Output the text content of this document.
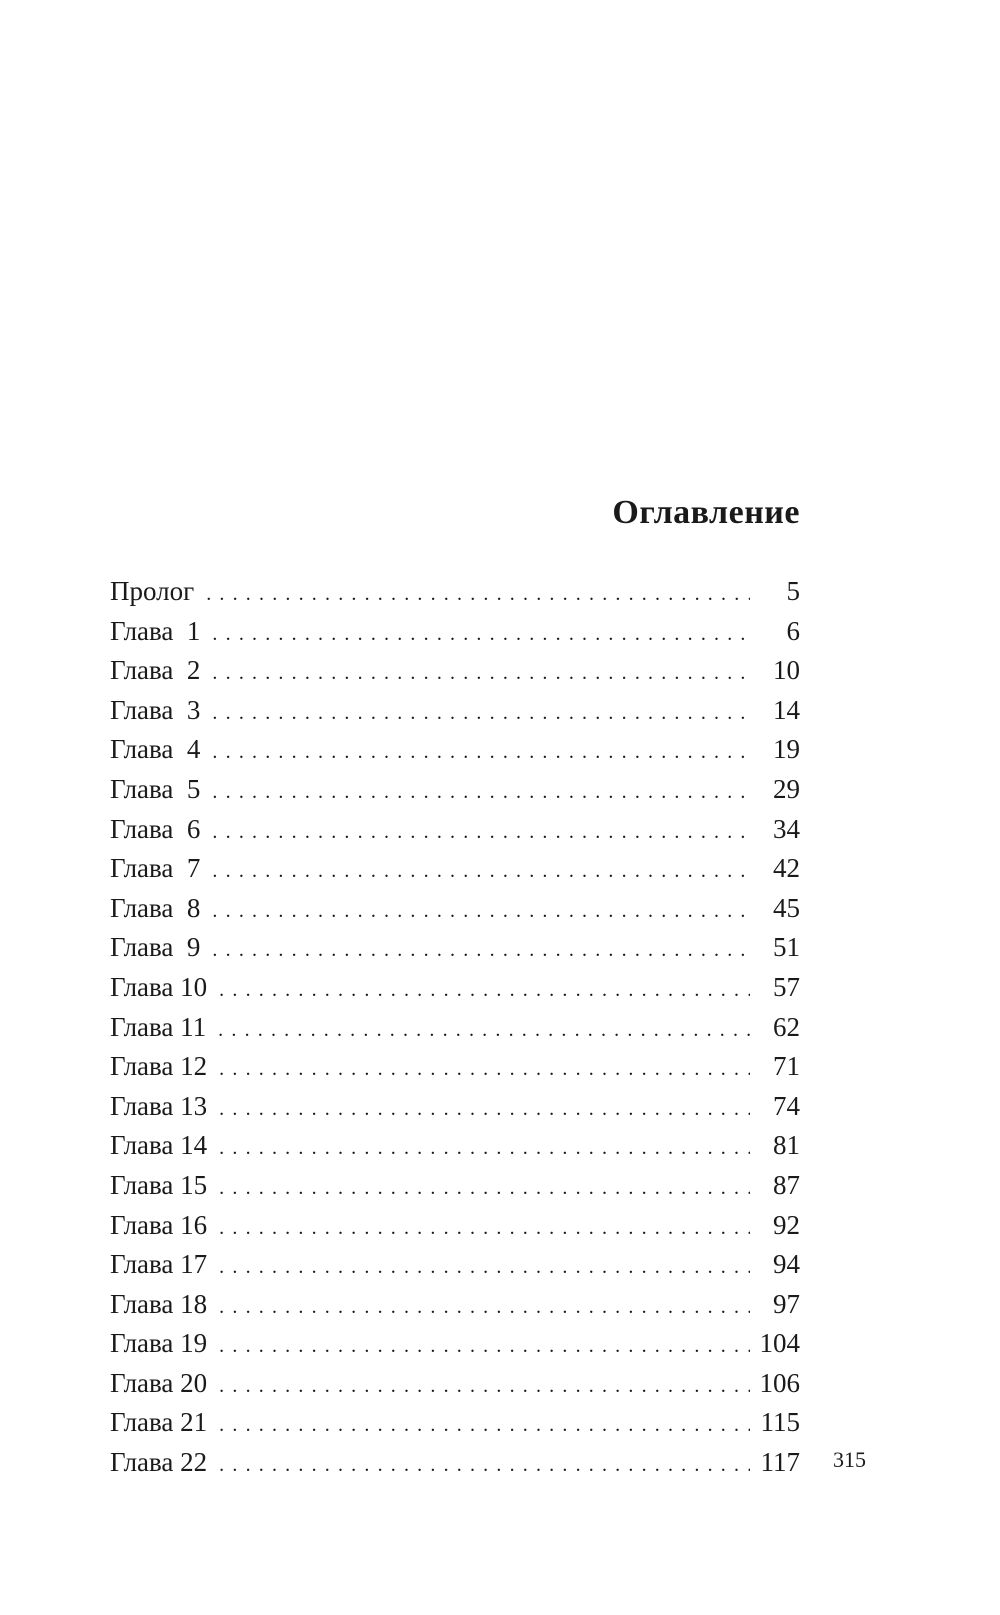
Оглавление
Пролог . . .	5
Глава  1 . . .	6
Глава  2 . . .	10
Глава  3 . . .	14
Глава  4 . . .	19
Глава  5 . . .	29
Глава  6 . . .	34
Глава  7 . . .	42
Глава  8 . . .	45
Глава  9 . . .	51
Глава 10 . . .	57
Глава 11 . . .	62
Глава 12 . . .	71
Глава 13 . . .	74
Глава 14 . . .	81
Глава 15 . . .	87
Глава 16 . . .	92
Глава 17 . . .	94
Глава 18 . . .	97
Глава 19 . . .	104
Глава 20 . . .	106
Глава 21 . . .	115
Глава 22 . . .	117 315
